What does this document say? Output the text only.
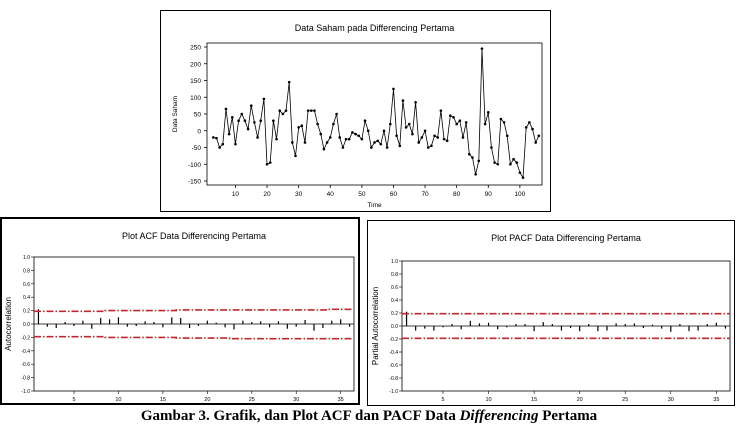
Data Saham pada Differencing Pertama
-150
-100
-50
0
50
100
150
200
250
10	20	30	40	50	60	70	80	90	100
Time
Data Saham
Plot ACF Data Differencing Pertama
1.0
0.8
0.6
0.4
0.2
0.0
-0.2
-0.4
-0.6
-0.8
-1.0
5	10	15	20	25	30	35
Autocorrelation
Plot PACF Data Differencing Pertama
1.0
0.8
0.6
0.4
0.2
0.0
-0.2
-0.4
-0.6
-0.8
-1.0
5	10	15	20	25	30	35
Partial Autocorrelation
Gambar 3. Grafik, dan Plot ACF dan PACF Data Differencing Pertama
